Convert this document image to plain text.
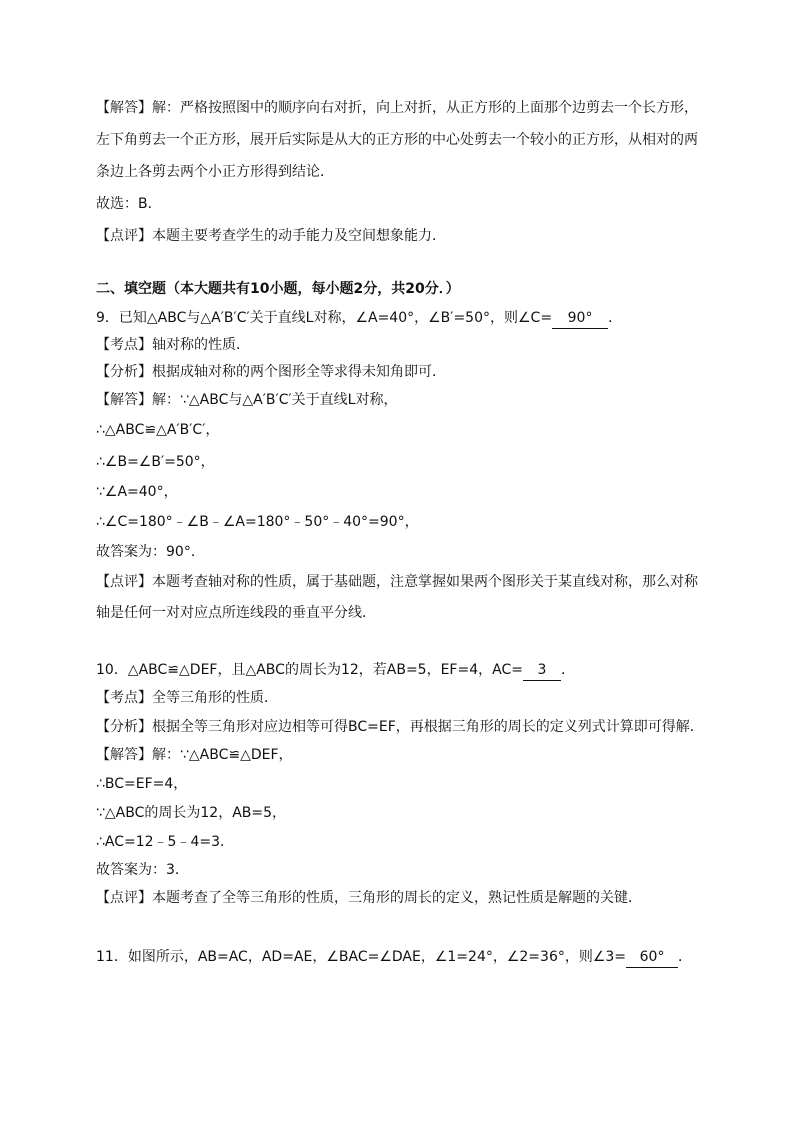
【解答】解：严格按照图中的顺序向右对折，向上对折，从正方形的上面那个边剪去一个长方形，
左下角剪去一个正方形，展开后实际是从大的正方形的中心处剪去一个较小的正方形，从相对的两
条边上各剪去两个小正方形得到结论．
故选：B．
【点评】本题主要考查学生的动手能力及空间想象能力．
二、填空题（本大题共有10小题，每小题2分，共20分．）
9．已知△ABC与△A′B′C′关于直线L对称，∠A=40°，∠B′=50°，则∠C= 90° ．
【考点】轴对称的性质．
【分析】根据成轴对称的两个图形全等求得未知角即可．
【解答】解：∵△ABC与△A′B′C′关于直线L对称，
∴△ABC≌△A′B′C′，
∴∠B=∠B′=50°，
∵∠A=40°，
∴∠C=180°﹣∠B﹣∠A=180°﹣50°﹣40°=90°，
故答案为：90°．
【点评】本题考查轴对称的性质，属于基础题，注意掌握如果两个图形关于某直线对称，那么对称
轴是任何一对对应点所连线段的垂直平分线．
10．△ABC≌△DEF，且△ABC的周长为12，若AB=5，EF=4，AC= 3 ．
【考点】全等三角形的性质．
【分析】根据全等三角形对应边相等可得BC=EF，再根据三角形的周长的定义列式计算即可得解．
【解答】解：∵△ABC≌△DEF，
∴BC=EF=4，
∵△ABC的周长为12，AB=5，
∴AC=12﹣5﹣4=3．
故答案为：3．
【点评】本题考查了全等三角形的性质，三角形的周长的定义，熟记性质是解题的关键．
11．如图所示，AB=AC，AD=AE，∠BAC=∠DAE，∠1=24°，∠2=36°，则∠3= 60° ．
